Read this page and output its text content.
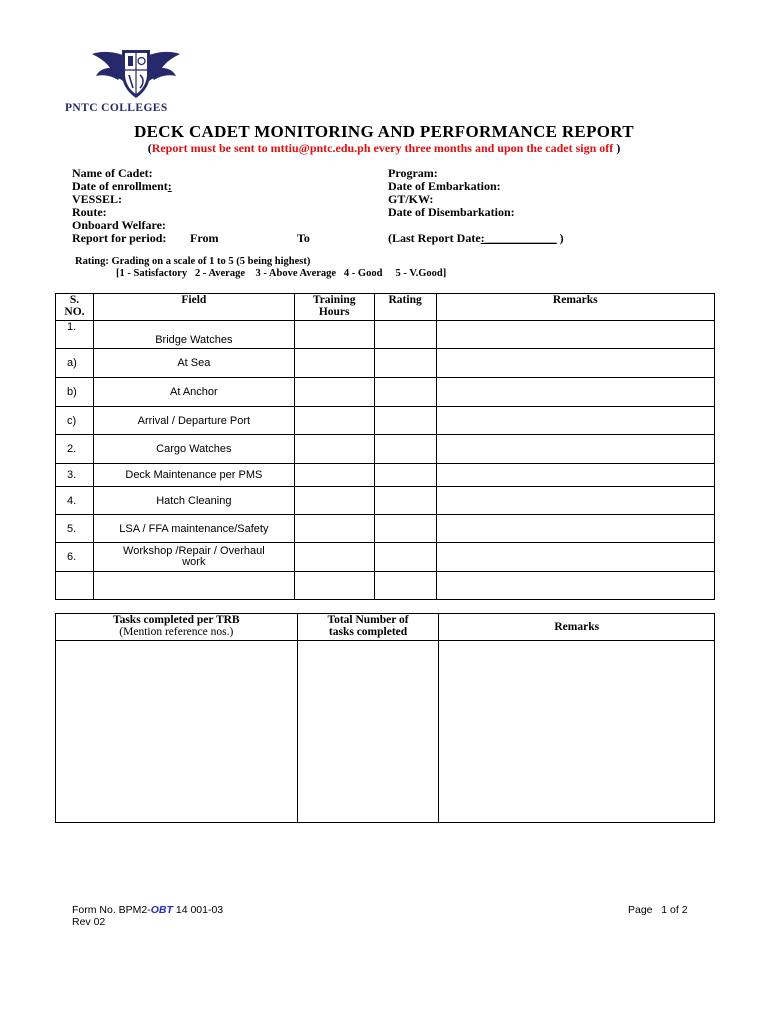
PNTC COLLEGES
DECK CADET MONITORING AND PERFORMANCE REPORT
(Report must be sent to mttiu@pntc.edu.ph every three months and upon the cadet sign off )
Name of Cadet:
Date of enrollment:
VESSEL:
Route:
Onboard Welfare:
Report for period: From	To
Program:
Date of Embarkation:
GT/KW:
Date of Disembarkation:
(Last Report Date:____________ )
Rating: Grading on a scale of 1 to 5 (5 being highest)
[1 - Satisfactory   2 - Average    3 - Above Average   4 - Good     5 - V.Good]
S. NO.	Field	Training Hours	Rating	Remarks
1.	Bridge Watches			
a)	At Sea			
b)	At Anchor			
c)	Arrival / Departure Port			
2.	Cargo Watches			
3.	Deck Maintenance per PMS			
4.	Hatch Cleaning			
5.	LSA / FFA maintenance/Safety			
6.	Workshop /Repair / Overhaul work			

Tasks completed per TRB
(Mention reference nos.)	Total Number of tasks completed	Remarks

Form No. BPM2-OBT 14 001-03
Rev 02
Page   1 of 2
